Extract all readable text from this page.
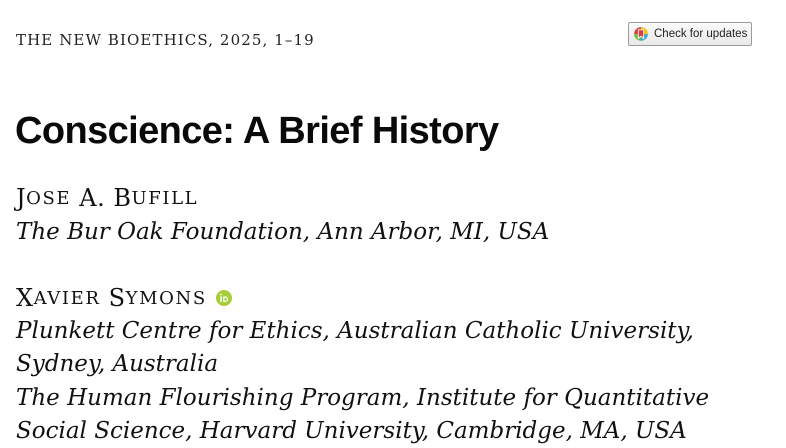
THE NEW BIOETHICS, 2025, 1–19	Check for updates
Conscience: A Brief History
J OSE A. B UFILL
The Bur Oak Foundation, Ann Arbor, MI, USA
X AVIER
S YMONS
Plunkett Centre for Ethics, Australian Catholic University,
Sydney, Australia
The Human Flourishing Program, Institute for Quantitative
Social Science, Harvard University, Cambridge, MA, USA
